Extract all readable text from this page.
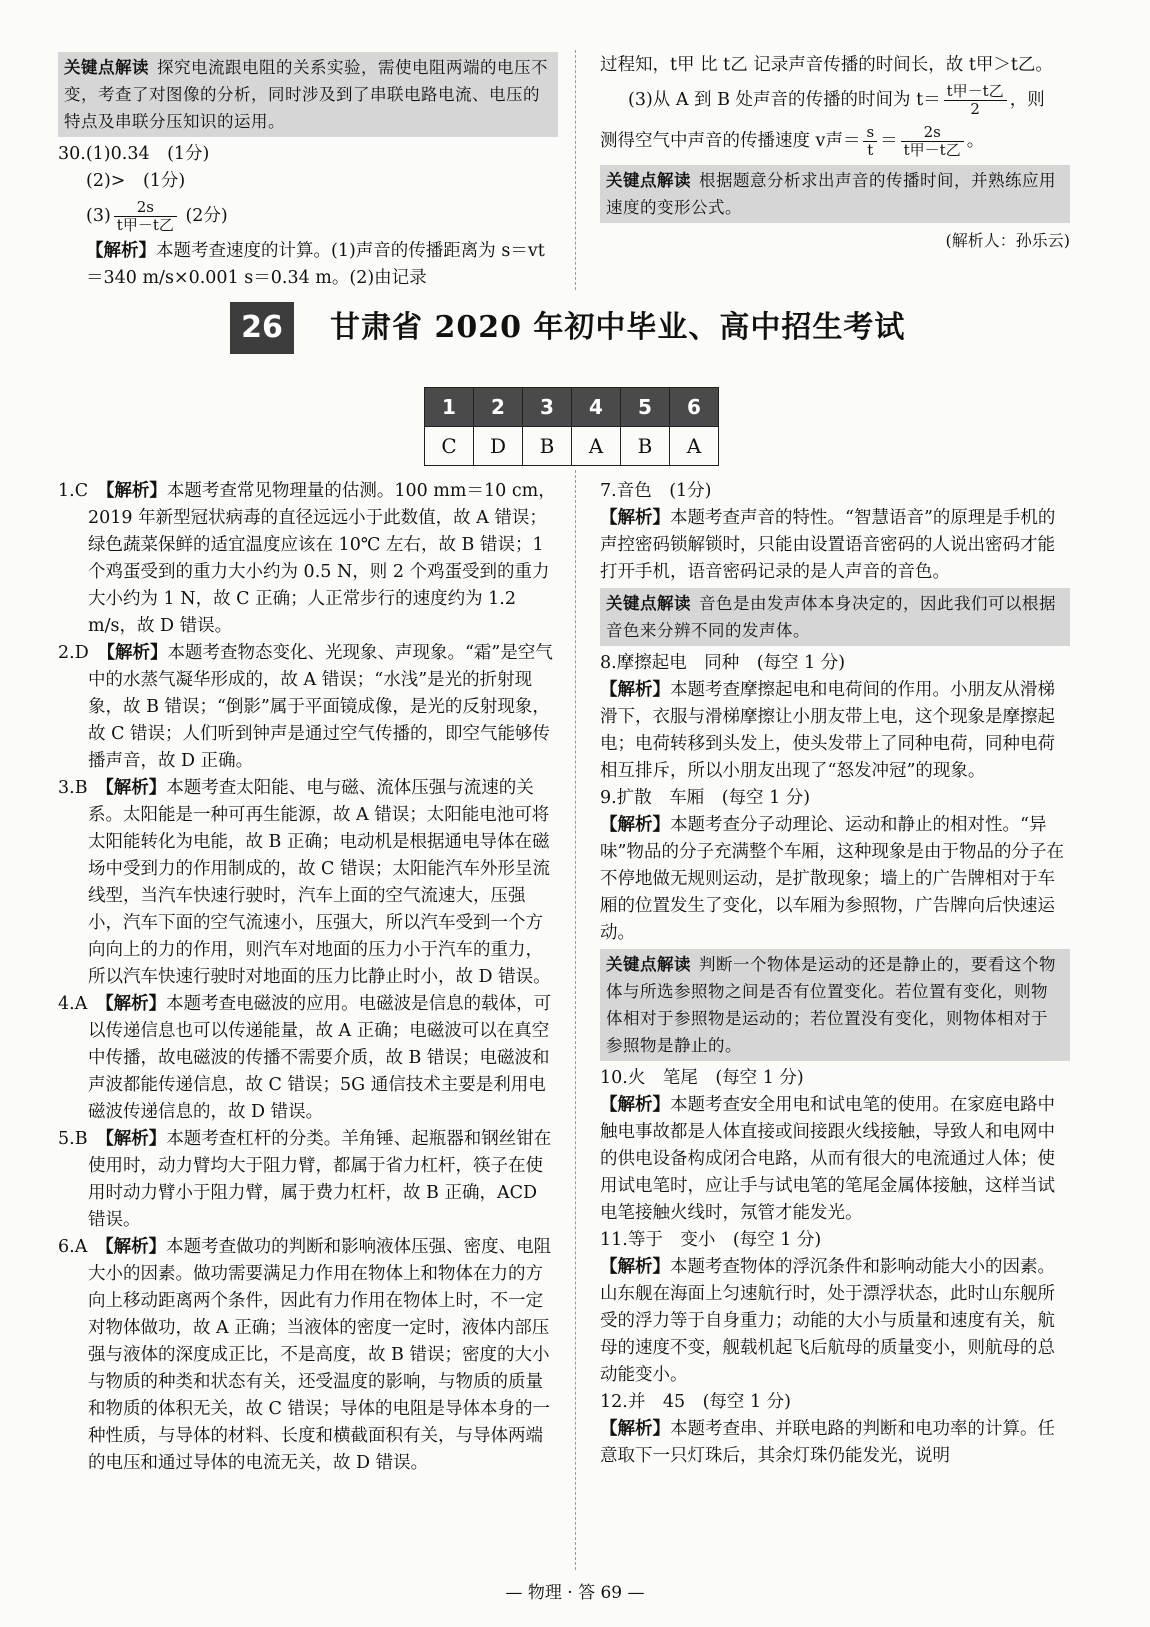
关键点解读 探究电流跟电阻的关系实验，需使电阻两端的电压不变，考查了对图像的分析，同时涉及到了串联电路电流、电压的特点及串联分压知识的运用。

30.(1)0.34　(1分)

(2)>　(1分)

$(3) \frac{2s}{\text{t甲－t乙}} (2$分)

【解析】本题考查速度的计算。(1)声音的传播距离为 s＝vt＝340 m/s×0.001 s＝0.34 m。(2)由记录

过程知，t甲 比 t乙 记录声音传播的时间长，故 t甲＞t乙。

(3)从 A 到 B 处声音的传播的时间为 $t= \frac{\text{t甲－t乙}}{2}$ ，则

测得空气中声音的传播速度 v声＝ $\frac{s}{t} = \frac{2s}{\text{t甲－t乙}}$ 。

关键点解读 根据题意分析求出声音的传播时间，并熟练应用速度的变形公式。

(解析人：孙乐云)

26	甘肃省 2020 年初中毕业、高中招生考试
1	2	3	4	5	6
C	D	B	A	B	A

1.C　【解析】本题考查常见物理量的估测。100 mm＝10 cm，2019 年新型冠状病毒的直径远远小于此数值，故 A 错误；绿色蔬菜保鲜的适宜温度应该在 10℃ 左右，故 B 错误；1 个鸡蛋受到的重力大小约为 0.5 N，则 2 个鸡蛋受到的重力大小约为 1 N，故 C 正确；人正常步行的速度约为 1.2 m/s，故 D 错误。

2.D　【解析】本题考查物态变化、光现象、声现象。“霜”是空气中的水蒸气凝华形成的，故 A 错误；“水浅”是光的折射现象，故 B 错误；“倒影”属于平面镜成像，是光的反射现象，故 C 错误；人们听到钟声是通过空气传播的，即空气能够传播声音，故 D 正确。

3.B　【解析】本题考查太阳能、电与磁、流体压强与流速的关系。太阳能是一种可再生能源，故 A 错误；太阳能电池可将太阳能转化为电能，故 B 正确；电动机是根据通电导体在磁场中受到力的作用制成的，故 C 错误；太阳能汽车外形呈流线型，当汽车快速行驶时，汽车上面的空气流速大，压强小，汽车下面的空气流速小，压强大，所以汽车受到一个方向向上的力的作用，则汽车对地面的压力小于汽车的重力，所以汽车快速行驶时对地面的压力比静止时小，故 D 错误。

4.A　【解析】本题考查电磁波的应用。电磁波是信息的载体，可以传递信息也可以传递能量，故 A 正确；电磁波可以在真空中传播，故电磁波的传播不需要介质，故 B 错误；电磁波和声波都能传递信息，故 C 错误；5G 通信技术主要是利用电磁波传递信息的，故 D 错误。

5.B　【解析】本题考查杠杆的分类。羊角锤、起瓶器和钢丝钳在使用时，动力臂均大于阻力臂，都属于省力杠杆，筷子在使用时动力臂小于阻力臂，属于费力杠杆，故 B 正确，ACD 错误。

6.A　【解析】本题考查做功的判断和影响液体压强、密度、电阻大小的因素。做功需要满足力作用在物体上和物体在力的方向上移动距离两个条件，因此有力作用在物体上时，不一定对物体做功，故 A 正确；当液体的密度一定时，液体内部压强与液体的深度成正比，不是高度，故 B 错误；密度的大小与物质的种类和状态有关，还受温度的影响，与物质的质量和物质的体积无关，故 C 错误；导体的电阻是导体本身的一种性质，与导体的材料、长度和横截面积有关，与导体两端的电压和通过导体的电流无关，故 D 错误。

7.音色　(1分)

【解析】本题考查声音的特性。“智慧语音”的原理是手机的声控密码锁解锁时，只能由设置语音密码的人说出密码才能打开手机，语音密码记录的是人声音的音色。

关键点解读 音色是由发声体本身决定的，因此我们可以根据音色来分辨不同的发声体。

8.摩擦起电　同种　(每空 1 分)

【解析】本题考查摩擦起电和电荷间的作用。小朋友从滑梯滑下，衣服与滑梯摩擦让小朋友带上电，这个现象是摩擦起电；电荷转移到头发上，使头发带上了同种电荷，同种电荷相互排斥，所以小朋友出现了“怒发冲冠”的现象。

9.扩散　车厢　(每空 1 分)

【解析】本题考查分子动理论、运动和静止的相对性。“异味”物品的分子充满整个车厢，这种现象是由于物品的分子在不停地做无规则运动，是扩散现象；墙上的广告牌相对于车厢的位置发生了变化，以车厢为参照物，广告牌向后快速运动。

关键点解读 判断一个物体是运动的还是静止的，要看这个物体与所选参照物之间是否有位置变化。若位置有变化，则物体相对于参照物是运动的；若位置没有变化，则物体相对于参照物是静止的。

10.火　笔尾　(每空 1 分)

【解析】本题考查安全用电和试电笔的使用。在家庭电路中触电事故都是人体直接或间接跟火线接触，导致人和电网中的供电设备构成闭合电路，从而有很大的电流通过人体；使用试电笔时，应让手与试电笔的笔尾金属体接触，这样当试电笔接触火线时，氖管才能发光。

11.等于　变小　(每空 1 分)

【解析】本题考查物体的浮沉条件和影响动能大小的因素。山东舰在海面上匀速航行时，处于漂浮状态，此时山东舰所受的浮力等于自身重力；动能的大小与质量和速度有关，航母的速度不变，舰载机起飞后航母的质量变小，则航母的总动能变小。

12.并　45　(每空 1 分)

【解析】本题考查串、并联电路的判断和电功率的计算。任意取下一只灯珠后，其余灯珠仍能发光，说明

— 物理 · 答 69 —
